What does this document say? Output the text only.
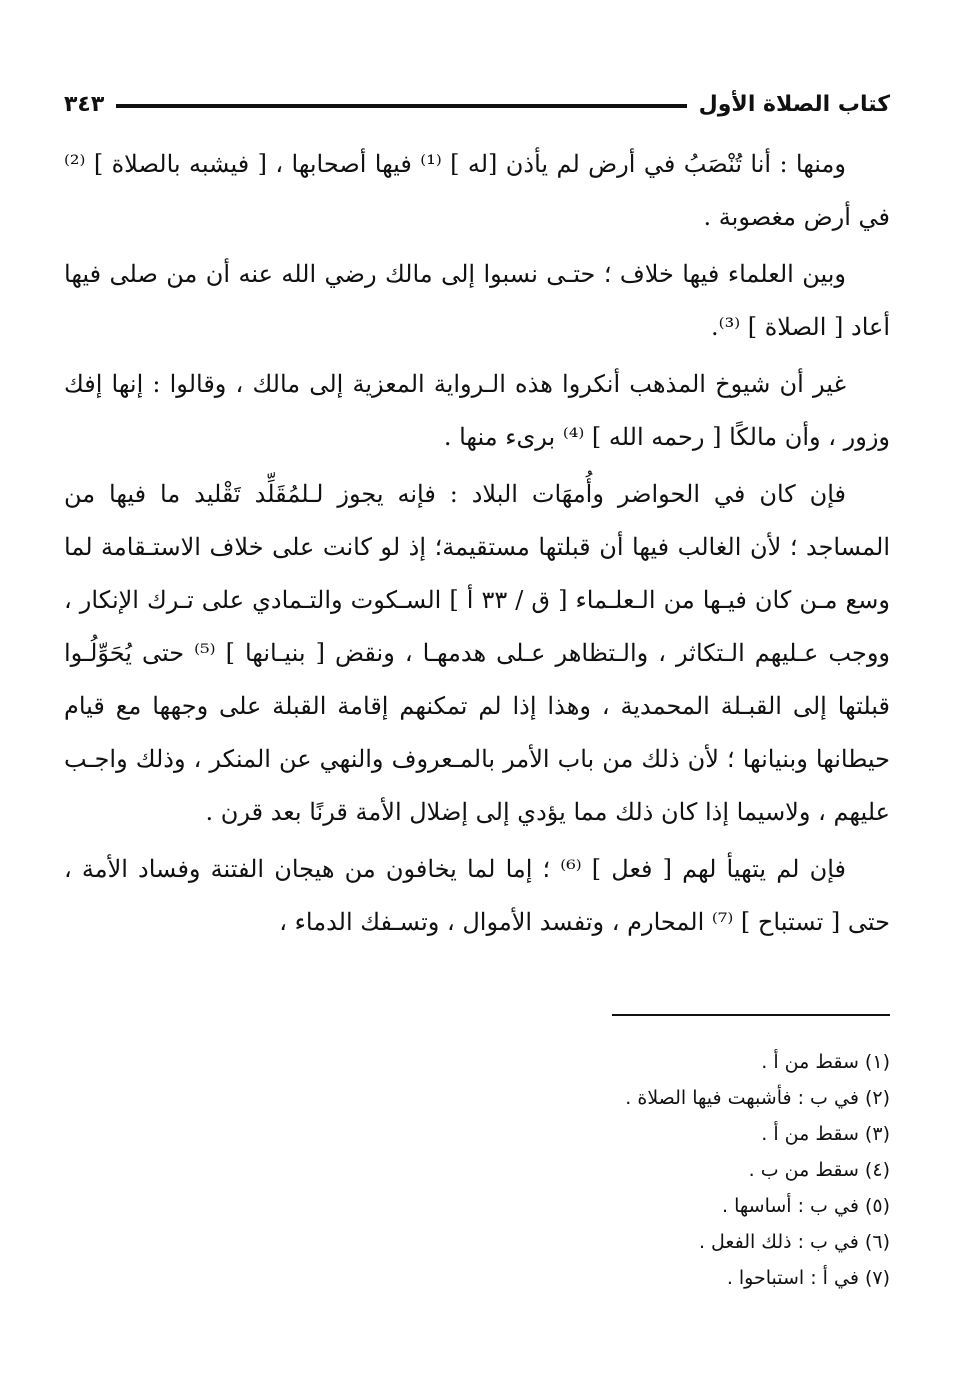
كتاب الصلاة الأول
٣٤٣

ومنها : أنا تُنْصَبُ في أرض لم يأذن [له ] ⁽¹⁾ فيها أصحابها ، [ فيشبه بالصلاة ] ⁽²⁾ في أرض مغصوبة .

وبين العلماء فيها خلاف ؛ حتـى نسبوا إلى مالك رضي الله عنه أن من صلى فيها أعاد [ الصلاة ] ⁽³⁾.

غير أن شيوخ المذهب أنكروا هذه الـرواية المعزية إلى مالك ، وقالوا : إنها إفك وزور ، وأن مالكًا [ رحمه الله ] ⁽⁴⁾ برىء منها .

فإن كان في الحواضر وأُمهَات البلاد : فإنه يجوز لـلمُقَلِّد تَقْليد ما فيها من المساجد ؛ لأن الغالب فيها أن قبلتها مستقيمة؛ إذ لو كانت على خلاف الاستـقامة لما وسع مـن كان فيـها من الـعلـماء [ ق / ٣٣ أ ] السـكوت والتـمادي على تـرك الإنكار ، ووجب عـليهم الـتكاثر ، والـتظاهر عـلى هدمهـا ، ونقض [ بنيـانها ] ⁽⁵⁾ حتى يُحَوِّلُـوا قبلتها إلى القبـلة المحمدية ، وهذا إذا لم تمكنهم إقامة القبلة على وجهها مع قيام حيطانها وبنيانها ؛ لأن ذلك من باب الأمر بالمـعروف والنهي عن المنكر ، وذلك واجـب عليهم ، ولاسيما إذا كان ذلك مما يؤدي إلى إضلال الأمة قرنًا بعد قرن .

فإن لم يتهيأ لهم [ فعل ] ⁽⁶⁾ ؛ إما لما يخافون من هيجان الفتنة وفساد الأمة ، حتى [ تستباح ] ⁽⁷⁾ المحارم ، وتفسد الأموال ، وتسـفك الدماء ،

(١) سقط من أ .
(٢) في ب : فأشبهت فيها الصلاة .
(٣) سقط من أ .
(٤) سقط من ب .
(٥) في ب : أساسها .
(٦) في ب : ذلك الفعل .
(٧) في أ : استباحوا .
